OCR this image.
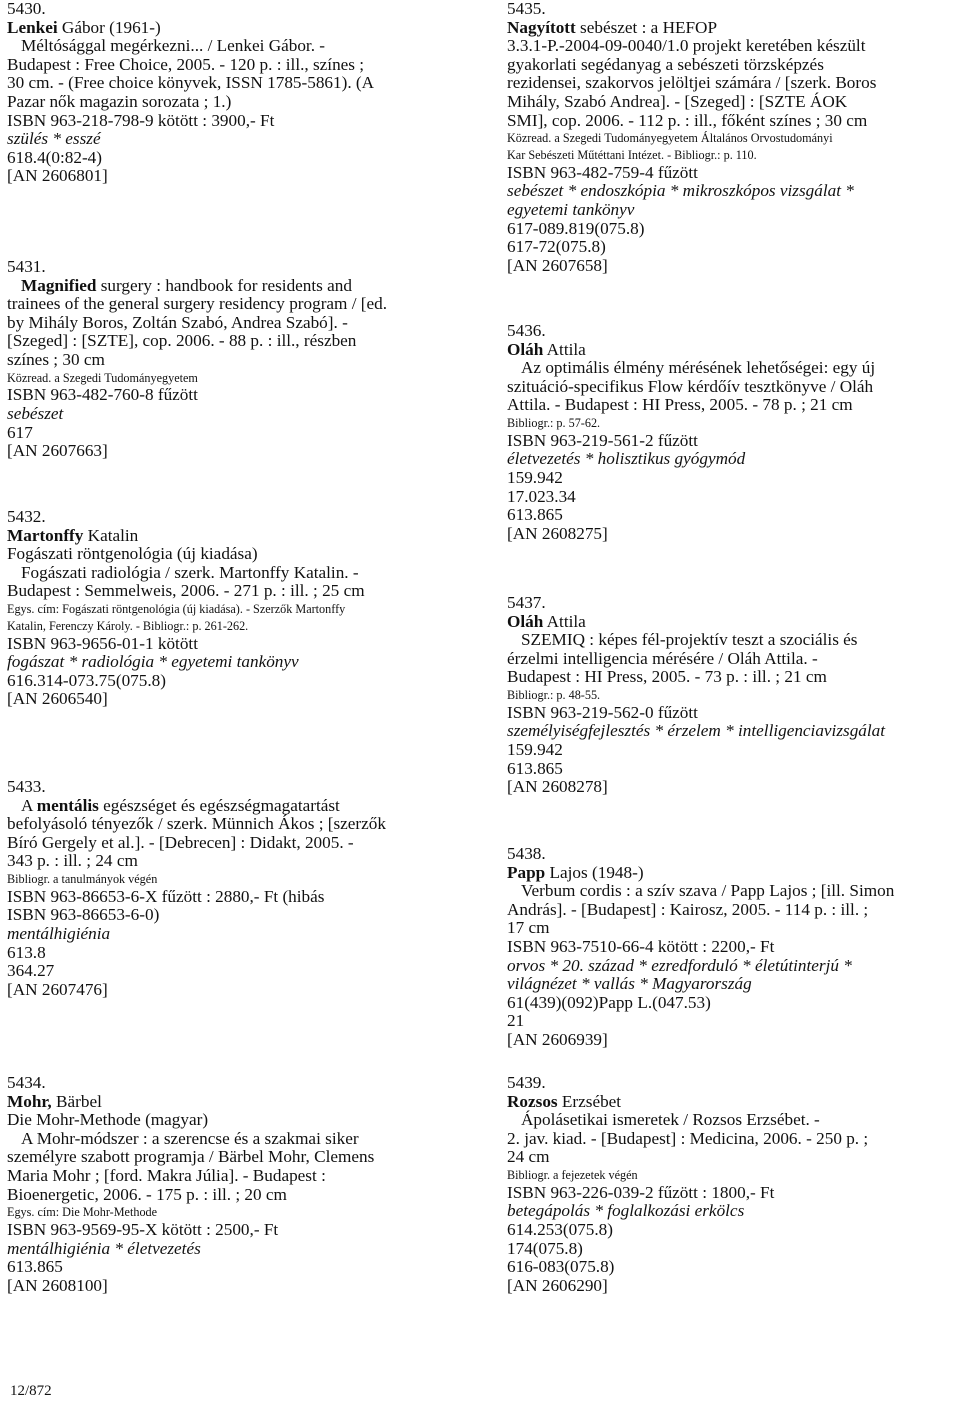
5430.
Lenkei Gábor (1961-)
Méltósággal megérkezni... / Lenkei Gábor. -
Budapest : Free Choice, 2005. - 120 p. : ill., színes ;
30 cm. - (Free choice könyvek, ISSN 1785-5861). (A
Pazar nők magazin sorozata ; 1.)
ISBN 963-218-798-9 kötött : 3900,- Ft
szülés * esszé
618.4(0:82-4)
[AN 2606801]
5431.
Magnified surgery : handbook for residents and
trainees of the general surgery residency program / [ed.
by Mihály Boros, Zoltán Szabó, Andrea Szabó]. -
[Szeged] : [SZTE], cop. 2006. - 88 p. : ill., részben
színes ; 30 cm
Közread. a Szegedi Tudományegyetem
ISBN 963-482-760-8 fűzött
sebészet
617
[AN 2607663]
5432.
Martonffy Katalin
Fogászati röntgenológia (új kiadása)
Fogászati radiológia / szerk. Martonffy Katalin. -
Budapest : Semmelweis, 2006. - 271 p. : ill. ; 25 cm
Egys. cím: Fogászati röntgenológia (új kiadása). - Szerzők Martonffy
Katalin, Ferenczy Károly. - Bibliogr.: p. 261-262.
ISBN 963-9656-01-1 kötött
fogászat * radiológia * egyetemi tankönyv
616.314-073.75(075.8)
[AN 2606540]
5433.
A mentális egészséget és egészségmagatartást
befolyásoló tényezők / szerk. Münnich Ákos ; [szerzők
Bíró Gergely et al.]. - [Debrecen] : Didakt, 2005. -
343 p. : ill. ; 24 cm
Bibliogr. a tanulmányok végén
ISBN 963-86653-6-X fűzött : 2880,- Ft (hibás
ISBN 963-86653-6-0)
mentálhigiénia
613.8
364.27
[AN 2607476]
5434.
Mohr, Bärbel
Die Mohr-Methode (magyar)
A Mohr-módszer : a szerencse és a szakmai siker
személyre szabott programja / Bärbel Mohr, Clemens
Maria Mohr ; [ford. Makra Júlia]. - Budapest :
Bioenergetic, 2006. - 175 p. : ill. ; 20 cm
Egys. cím: Die Mohr-Methode
ISBN 963-9569-95-X kötött : 2500,- Ft
mentálhigiénia * életvezetés
613.865
[AN 2608100]
5435.
Nagyított sebészet : a HEFOP
3.3.1-P.-2004-09-0040/1.0 projekt keretében készült
gyakorlati segédanyag a sebészeti törzsképzés
rezidensei, szakorvos jelöltjei számára / [szerk. Boros
Mihály, Szabó Andrea]. - [Szeged] : [SZTE ÁOK
SMI], cop. 2006. - 112 p. : ill., főként színes ; 30 cm
Közread. a Szegedi Tudományegyetem Általános Orvostudományi
Kar Sebészeti Műtéttani Intézet. - Bibliogr.: p. 110.
ISBN 963-482-759-4 fűzött
sebészet * endoszkópia * mikroszkópos vizsgálat *
egyetemi tankönyv
617-089.819(075.8)
617-72(075.8)
[AN 2607658]
5436.
Oláh Attila
Az optimális élmény mérésének lehetőségei: egy új
szituáció-specifikus Flow kérdőív tesztkönyve / Oláh
Attila. - Budapest : HI Press, 2005. - 78 p. ; 21 cm
Bibliogr.: p. 57-62.
ISBN 963-219-561-2 fűzött
életvezetés * holisztikus gyógymód
159.942
17.023.34
613.865
[AN 2608275]
5437.
Oláh Attila
SZEMIQ : képes fél-projektív teszt a szociális és
érzelmi intelligencia mérésére / Oláh Attila. -
Budapest : HI Press, 2005. - 73 p. : ill. ; 21 cm
Bibliogr.: p. 48-55.
ISBN 963-219-562-0 fűzött
személyiségfejlesztés * érzelem * intelligenciavizsgálat
159.942
613.865
[AN 2608278]
5438.
Papp Lajos (1948-)
Verbum cordis : a szív szava / Papp Lajos ; [ill. Simon
András]. - [Budapest] : Kairosz, 2005. - 114 p. : ill. ;
17 cm
ISBN 963-7510-66-4 kötött : 2200,- Ft
orvos * 20. század * ezredforduló * életútinterjú *
világnézet * vallás * Magyarország
61(439)(092)Papp L.(047.53)
21
[AN 2606939]
5439.
Rozsos Erzsébet
Ápolásetikai ismeretek / Rozsos Erzsébet. -
2. jav. kiad. - [Budapest] : Medicina, 2006. - 250 p. ;
24 cm
Bibliogr. a fejezetek végén
ISBN 963-226-039-2 fűzött : 1800,- Ft
betegápolás * foglalkozási erkölcs
614.253(075.8)
174(075.8)
616-083(075.8)
[AN 2606290]
12/872
